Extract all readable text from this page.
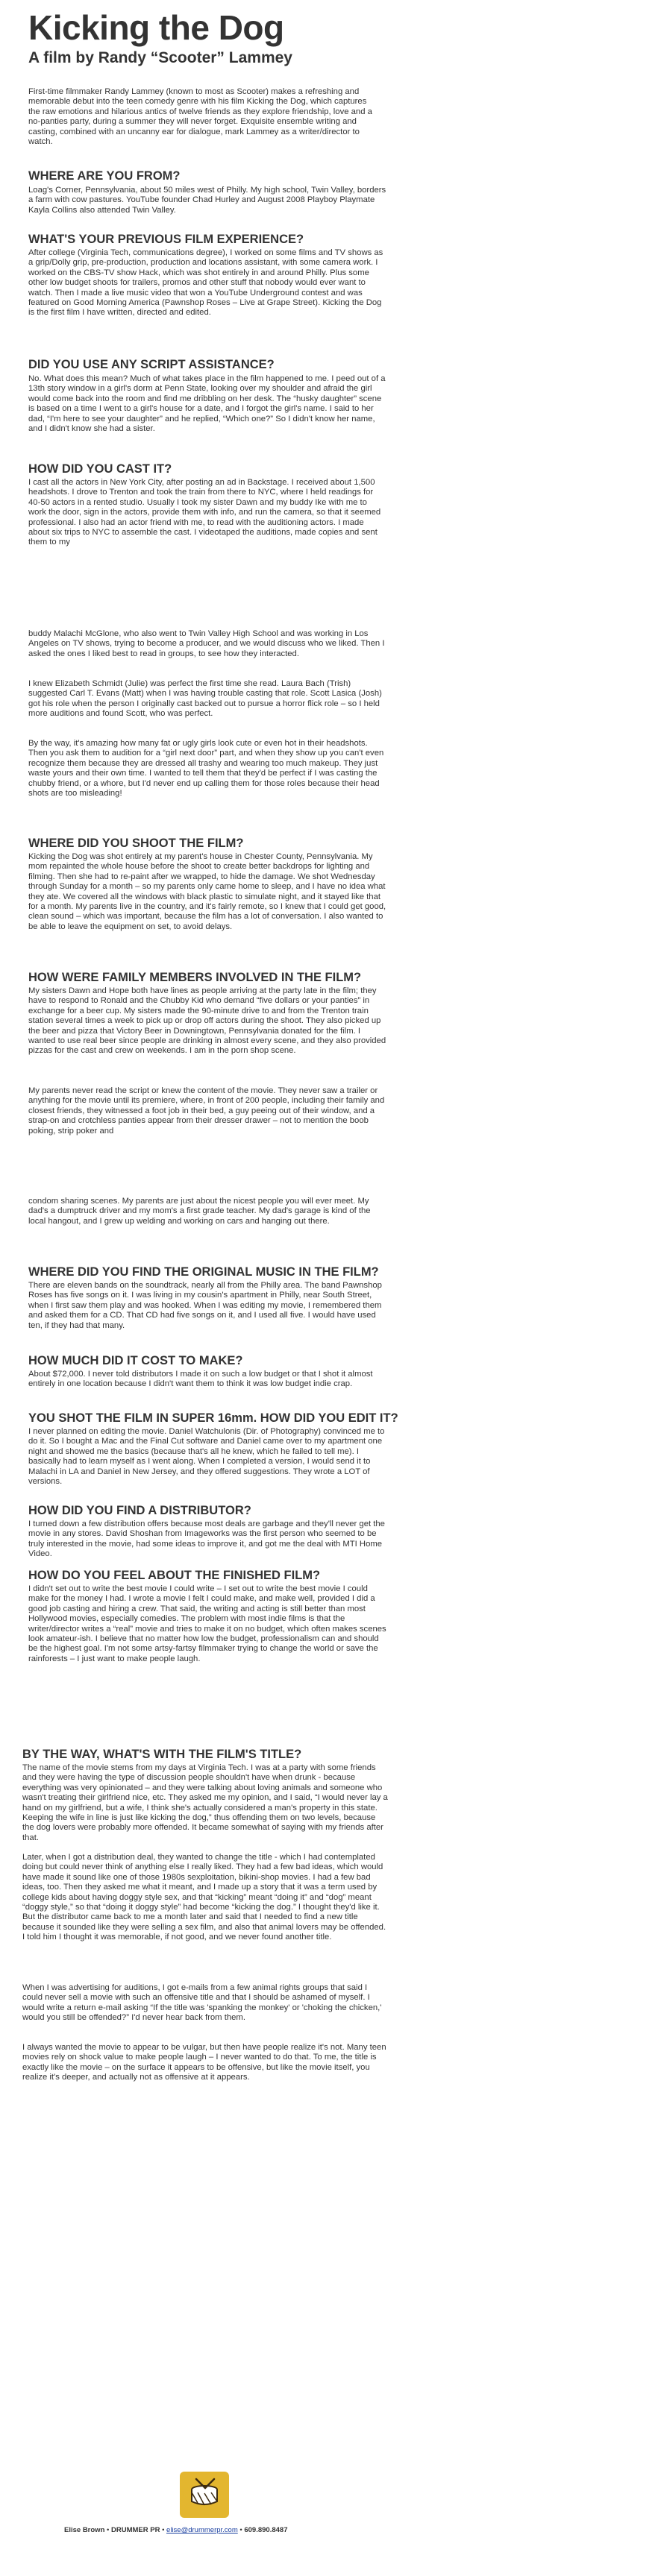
Kicking the Dog
A film by Randy “Scooter” Lammey

First-time filmmaker Randy Lammey (known to most as Scooter) makes a refreshing and memorable debut into the teen comedy genre with his film Kicking the Dog, which captures the raw emotions and hilarious antics of twelve friends as they explore friendship, love and a no-panties party, during a summer they will never forget. Exquisite ensemble writing and casting, combined with an uncanny ear for dialogue, mark Lammey as a writer/director to watch.

WHERE ARE YOU FROM?

Loag's Corner, Pennsylvania, about 50 miles west of Philly. My high school, Twin Valley, borders a farm with cow pastures. YouTube founder Chad Hurley and August 2008 Playboy Playmate Kayla Collins also attended Twin Valley.

WHAT'S YOUR PREVIOUS FILM EXPERIENCE?

After college (Virginia Tech, communications degree), I worked on some films and TV shows as a grip/Dolly grip, pre-production, production and locations assistant, with some camera work. I worked on the CBS-TV show Hack, which was shot entirely in and around Philly. Plus some other low budget shoots for trailers, promos and other stuff that nobody would ever want to watch. Then I made a live music video that won a YouTube Underground contest and was featured on Good Morning America (Pawnshop Roses – Live at Grape Street). Kicking the Dog is the first film I have written, directed and edited.

DID YOU USE ANY SCRIPT ASSISTANCE?

No. What does this mean? Much of what takes place in the film happened to me. I peed out of a 13th story window in a girl's dorm at Penn State, looking over my shoulder and afraid the girl would come back into the room and find me dribbling on her desk. The “husky daughter” scene is based on a time I went to a girl's house for a date, and I forgot the girl's name. I said to her dad, “I'm here to see your daughter” and he replied, “Which one?” So I didn't know her name, and I didn't know she had a sister.

HOW DID YOU CAST IT?

I cast all the actors in New York City, after posting an ad in Backstage. I received about 1,500 headshots. I drove to Trenton and took the train from there to NYC, where I held readings for 40-50 actors in a rented studio. Usually I took my sister Dawn and my buddy Ike with me to work the door, sign in the actors, provide them with info, and run the camera, so that it seemed professional. I also had an actor friend with me, to read with the auditioning actors. I made about six trips to NYC to assemble the cast. I videotaped the auditions, made copies and sent them to my

buddy Malachi McGlone, who also went to Twin Valley High School and was working in Los Angeles on TV shows, trying to become a producer, and we would discuss who we liked. Then I asked the ones I liked best to read in groups, to see how they interacted.

I knew Elizabeth Schmidt (Julie) was perfect the first time she read. Laura Bach (Trish) suggested Carl T. Evans (Matt) when I was having trouble casting that role. Scott Lasica (Josh) got his role when the person I originally cast backed out to pursue a horror flick role – so I held more auditions and found Scott, who was perfect.

By the way, it's amazing how many fat or ugly girls look cute or even hot in their headshots. Then you ask them to audition for a “girl next door” part, and when they show up you can't even recognize them because they are dressed all trashy and wearing too much makeup. They just waste yours and their own time. I wanted to tell them that they'd be perfect if I was casting the chubby friend, or a whore, but I'd never end up calling them for those roles because their head shots are too misleading!

WHERE DID YOU SHOOT THE FILM?

Kicking the Dog was shot entirely at my parent's house in Chester County, Pennsylvania. My mom repainted the whole house before the shoot to create better backdrops for lighting and filming. Then she had to re-paint after we wrapped, to hide the damage. We shot Wednesday through Sunday for a month – so my parents only came home to sleep, and I have no idea what they ate. We covered all the windows with black plastic to simulate night, and it stayed like that for a month. My parents live in the country, and it's fairly remote, so I knew that I could get good, clean sound – which was important, because the film has a lot of conversation. I also wanted to be able to leave the equipment on set, to avoid delays.

HOW WERE FAMILY MEMBERS INVOLVED IN THE FILM?

My sisters Dawn and Hope both have lines as people arriving at the party late in the film; they have to respond to Ronald and the Chubby Kid who demand “five dollars or your panties” in exchange for a beer cup. My sisters made the 90-minute drive to and from the Trenton train station several times a week to pick up or drop off actors during the shoot. They also picked up the beer and pizza that Victory Beer in Downingtown, Pennsylvania donated for the film. I wanted to use real beer since people are drinking in almost every scene, and they also provided pizzas for the cast and crew on weekends. I am in the porn shop scene.

My parents never read the script or knew the content of the movie. They never saw a trailer or anything for the movie until its premiere, where, in front of 200 people, including their family and closest friends, they witnessed a foot job in their bed, a guy peeing out of their window, and a strap-on and crotchless panties appear from their dresser drawer – not to mention the boob poking, strip poker and

condom sharing scenes. My parents are just about the nicest people you will ever meet. My dad's a dumptruck driver and my mom's a first grade teacher. My dad's garage is kind of the local hangout, and I grew up welding and working on cars and hanging out there.

WHERE DID YOU FIND THE ORIGINAL MUSIC IN THE FILM?

There are eleven bands on the soundtrack, nearly all from the Philly area. The band Pawnshop Roses has five songs on it. I was living in my cousin's apartment in Philly, near South Street, when I first saw them play and was hooked. When I was editing my movie, I remembered them and asked them for a CD. That CD had five songs on it, and I used all five. I would have used ten, if they had that many.

HOW MUCH DID IT COST TO MAKE?

About $72,000. I never told distributors I made it on such a low budget or that I shot it almost entirely in one location because I didn't want them to think it was low budget indie crap.

YOU SHOT THE FILM IN SUPER 16mm. HOW DID YOU EDIT IT?

I never planned on editing the movie. Daniel Watchulonis (Dir. of Photography) convinced me to do it. So I bought a Mac and the Final Cut software and Daniel came over to my apartment one night and showed me the basics (because that's all he knew, which he failed to tell me). I basically had to learn myself as I went along. When I completed a version, I would send it to Malachi in LA and Daniel in New Jersey, and they offered suggestions. They wrote a LOT of versions.

HOW DID YOU FIND A DISTRIBUTOR?

I turned down a few distribution offers because most deals are garbage and they'll never get the movie in any stores. David Shoshan from Imageworks was the first person who seemed to be truly interested in the movie, had some ideas to improve it, and got me the deal with MTI Home Video.

HOW DO YOU FEEL ABOUT THE FINISHED FILM?

I didn't set out to write the best movie I could write – I set out to write the best movie I could make for the money I had. I wrote a movie I felt I could make, and make well, provided I did a good job casting and hiring a crew. That said, the writing and acting is still better than most Hollywood movies, especially comedies. The problem with most indie films is that the writer/director writes a “real” movie and tries to make it on no budget, which often makes scenes look amateur-ish. I believe that no matter how low the budget, professionalism can and should be the highest goal. I'm not some artsy-fartsy filmmaker trying to change the world or save the rainforests – I just want to make people laugh.

BY THE WAY, WHAT'S WITH THE FILM'S TITLE?

The name of the movie stems from my days at Virginia Tech. I was at a party with some friends and they were having the type of discussion people shouldn't have when drunk - because everything was very opinionated – and they were talking about loving animals and someone who wasn't treating their girlfriend nice, etc. They asked me my opinion, and I said, “I would never lay a hand on my girlfriend, but a wife, I think she's actually considered a man's property in this state. Keeping the wife in line is just like kicking the dog,” thus offending them on two levels, because the dog lovers were probably more offended. It became somewhat of saying with my friends after that.

Later, when I got a distribution deal, they wanted to change the title - which I had contemplated doing but could never think of anything else I really liked. They had a few bad ideas, which would have made it sound like one of those 1980s sexploitation, bikini-shop movies. I had a few bad ideas, too. Then they asked me what it meant, and I made up a story that it was a term used by college kids about having doggy style sex, and that “kicking” meant “doing it” and “dog” meant “doggy style,” so that “doing it doggy style” had become “kicking the dog.” I thought they'd like it. But the distributor came back to me a month later and said that I needed to find a new title because it sounded like they were selling a sex film, and also that animal lovers may be offended. I told him I thought it was memorable, if not good, and we never found another title.

When I was advertising for auditions, I got e-mails from a few animal rights groups that said I could never sell a movie with such an offensive title and that I should be ashamed of myself. I would write a return e-mail asking “If the title was 'spanking the monkey' or 'choking the chicken,' would you still be offended?” I'd never hear back from them.

I always wanted the movie to appear to be vulgar, but then have people realize it's not. Many teen movies rely on shock value to make people laugh – I never wanted to do that. To me, the title is exactly like the movie – on the surface it appears to be offensive, but like the movie itself, you realize it's deeper, and actually not as offensive at it appears.

Elise Brown • DRUMMER PR • elise@drummerpr.com • 609.890.8487
